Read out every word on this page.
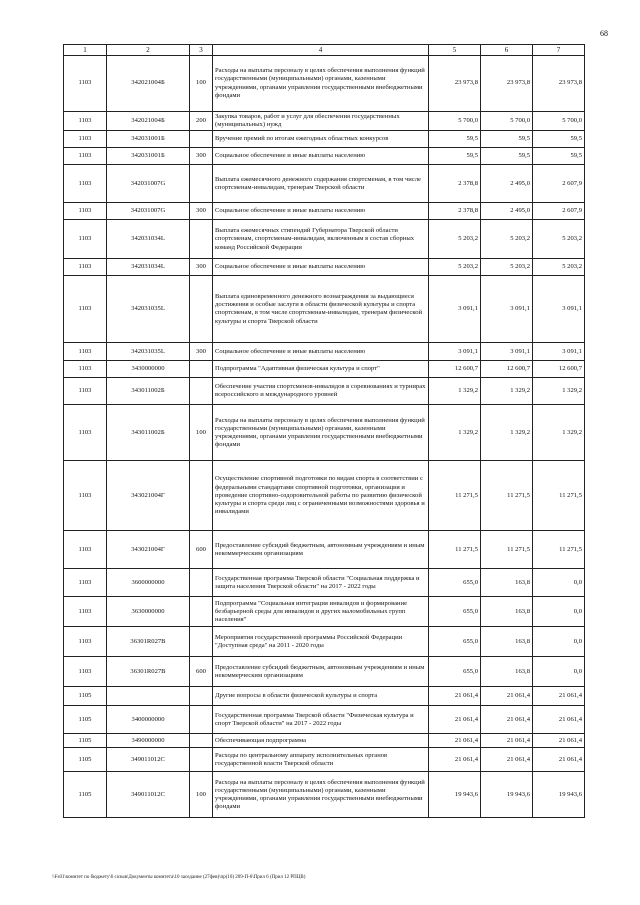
68
1	2	3	4	5	6	7
1103	342021004Б	100	Расходы на выплаты персоналу в целях обеспечения выполнения функций государственными (муниципальными) органами, казенными учреждениями, органами управления государственными внебюджетными фондами	23 973,8	23 973,8	23 973,8
1103	342021004Б	200	Закупка товаров, работ и услуг для обеспечения государственных (муниципальных) нужд	5 700,0	5 700,0	5 700,0
1103	342031001Б		Вручение премий по итогам ежегодных областных конкурсов	59,5	59,5	59,5
1103	342031001Б	300	Социальное обеспечение и иные выплаты населению	59,5	59,5	59,5
1103	342031007G		Выплата ежемесячного денежного содержания спортсменам, в том числе спортсменам-инвалидам, тренерам Тверской области	2 378,8	2 495,0	2 607,9
1103	342031007G	300	Социальное обеспечение и иные выплаты населению	2 378,8	2 495,0	2 607,9
1103	342031034L		Выплата ежемесячных стипендий Губернатора Тверской области спортсменам, спортсменам-инвалидам, включенным в состав сборных команд Российской Федерации	5 203,2	5 203,2	5 203,2
1103	342031034L	300	Социальное обеспечение и иные выплаты населению	5 203,2	5 203,2	5 203,2
1103	342031035L		Выплата единовременного денежного вознаграждения за выдающиеся достижения и особые заслуги в области физической культуры и спорта спортсменам, в том числе спортсменам-инвалидам, тренерам физической культуры и спорта Тверской области	3 091,1	3 091,1	3 091,1
1103	342031035L	300	Социальное обеспечение и иные выплаты населению	3 091,1	3 091,1	3 091,1
1103	3430000000		Подпрограмма "Адаптивная физическая культура и спорт"	12 600,7	12 600,7	12 600,7
1103	343011002Б		Обеспечение участия спортсменов-инвалидов в соревнованиях и турнирах всероссийского и международного уровней	1 329,2	1 329,2	1 329,2
1103	343011002Б	100	Расходы на выплаты персоналу в целях обеспечения выполнения функций государственными (муниципальными) органами, казенными учреждениями, органами управления государственными внебюджетными фондами	1 329,2	1 329,2	1 329,2
1103	343021004Г		Осуществление спортивной подготовки по видам спорта в соответствии с федеральными стандартами спортивной подготовки, организация и проведение спортивно-оздоровительной работы по развитию физической культуры и спорта среди лиц с ограниченными возможностями здоровья и инвалидами	11 271,5	11 271,5	11 271,5
1103	343021004Г	600	Предоставление субсидий бюджетным, автономным учреждениям и иным некоммерческим организациям	11 271,5	11 271,5	11 271,5
1103	3600000000		Государственная программа Тверской области "Социальная поддержка и защита населения Тверской области" на 2017 - 2022 годы	655,0	163,8	0,0
1103	3630000000		Подпрограмма "Социальная интеграция инвалидов и формирование безбарьерной среды для инвалидов и других маломобильных групп населения"	655,0	163,8	0,0
1103	36301R027В		Мероприятия государственной программы Российской Федерации "Доступная среда" на 2011 - 2020 годы	655,0	163,8	0,0
1103	36301R027В	600	Предоставление субсидий бюджетным, автономным учреждениям и иным некоммерческим организациям	655,0	163,8	0,0
1105			Другие вопросы в области физической культуры и спорта	21 061,4	21 061,4	21 061,4
1105	3400000000		Государственная программа Тверской области "Физическая культура и спорт Тверской области" на 2017 - 2022 годы	21 061,4	21 061,4	21 061,4
1105	3490000000		Обеспечивающая подпрограмма	21 061,4	21 061,4	21 061,4
1105	349011012С		Расходы по центральному аппарату исполнительных органов государственной власти Тверской области	21 061,4	21 061,4	21 061,4
1105	349011012С	100	Расходы на выплаты персоналу в целях обеспечения выполнения функций государственными (муниципальными) органами, казенными учреждениями, органами управления государственными внебюджетными фондами	19 943,6	19 943,6	19 943,6
\\Fs01\комитет по бюджету\6 созыв\Документы комитета\10 заседание (27фев)\пр(10) 209-П-6\Прил 6 (Прил 12 РПЦВ)
